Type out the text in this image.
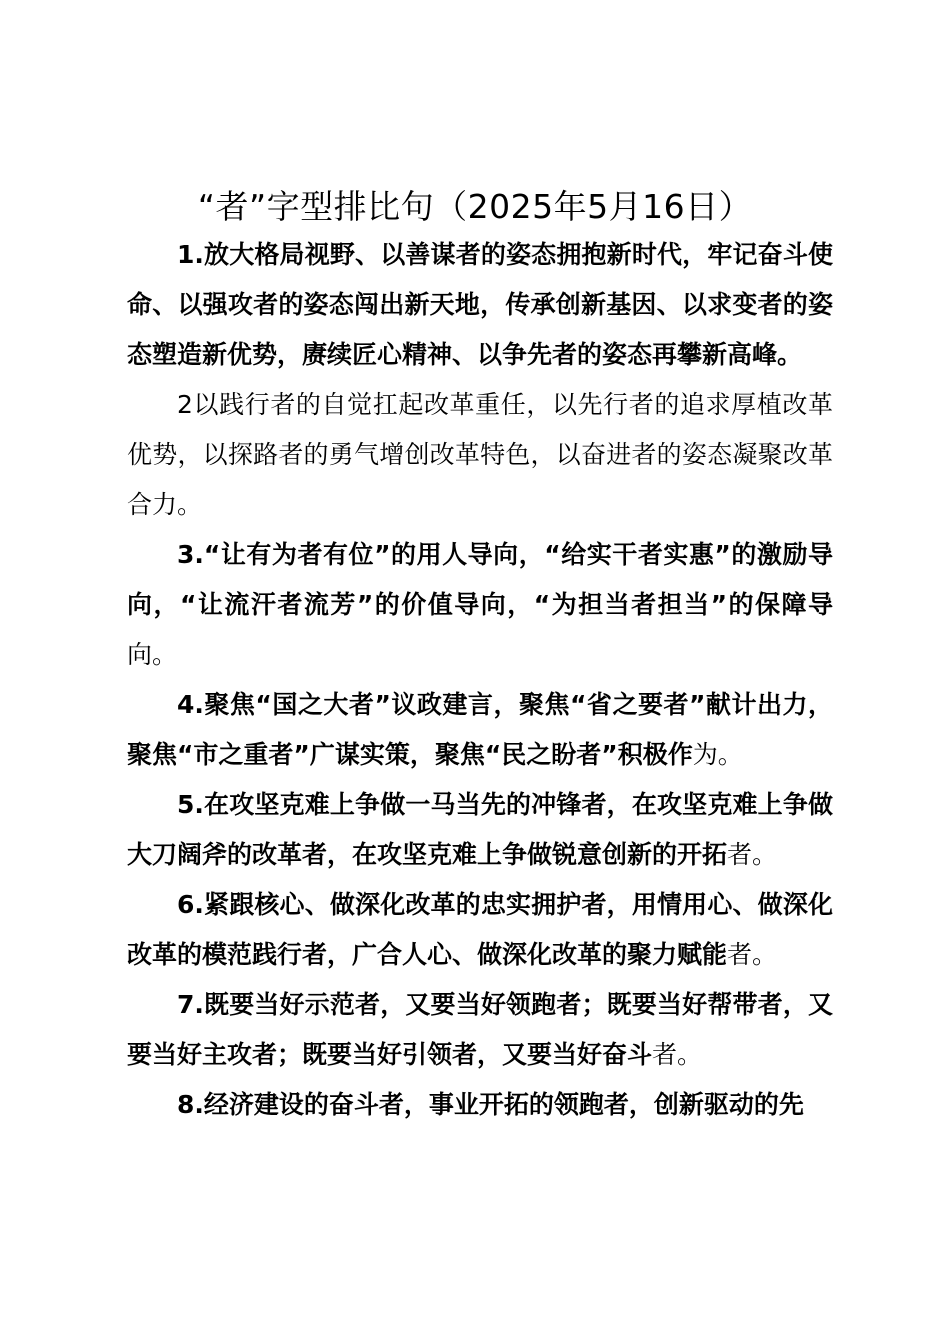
“者”字型排比句（2025年5月16日）

1.放大格局视野、以善谋者的姿态拥抱新时代，牢记奋斗使命、以强攻者的姿态闯出新天地，传承创新基因、以求变者的姿态塑造新优势，赓续匠心精神、以争先者的姿态再攀新高峰。

2以践行者的自觉扛起改革重任，以先行者的追求厚植改革优势，以探路者的勇气增创改革特色，以奋进者的姿态凝聚改革合力。

3.“让有为者有位”的用人导向，“给实干者实惠”的激励导向，“让流汗者流芳”的价值导向，“为担当者担当”的保障导向。

4.聚焦“国之大者”议政建言，聚焦“省之要者”献计出力，聚焦“市之重者”广谋实策，聚焦“民之盼者”积极作为。

5.在攻坚克难上争做一马当先的冲锋者，在攻坚克难上争做大刀阔斧的改革者，在攻坚克难上争做锐意创新的开拓者。

6.紧跟核心、做深化改革的忠实拥护者，用情用心、做深化改革的模范践行者，广合人心、做深化改革的聚力赋能者。

7.既要当好示范者，又要当好领跑者；既要当好帮带者，又要当好主攻者；既要当好引领者，又要当好奋斗者。

8.经济建设的奋斗者，事业开拓的领跑者，创新驱动的先
